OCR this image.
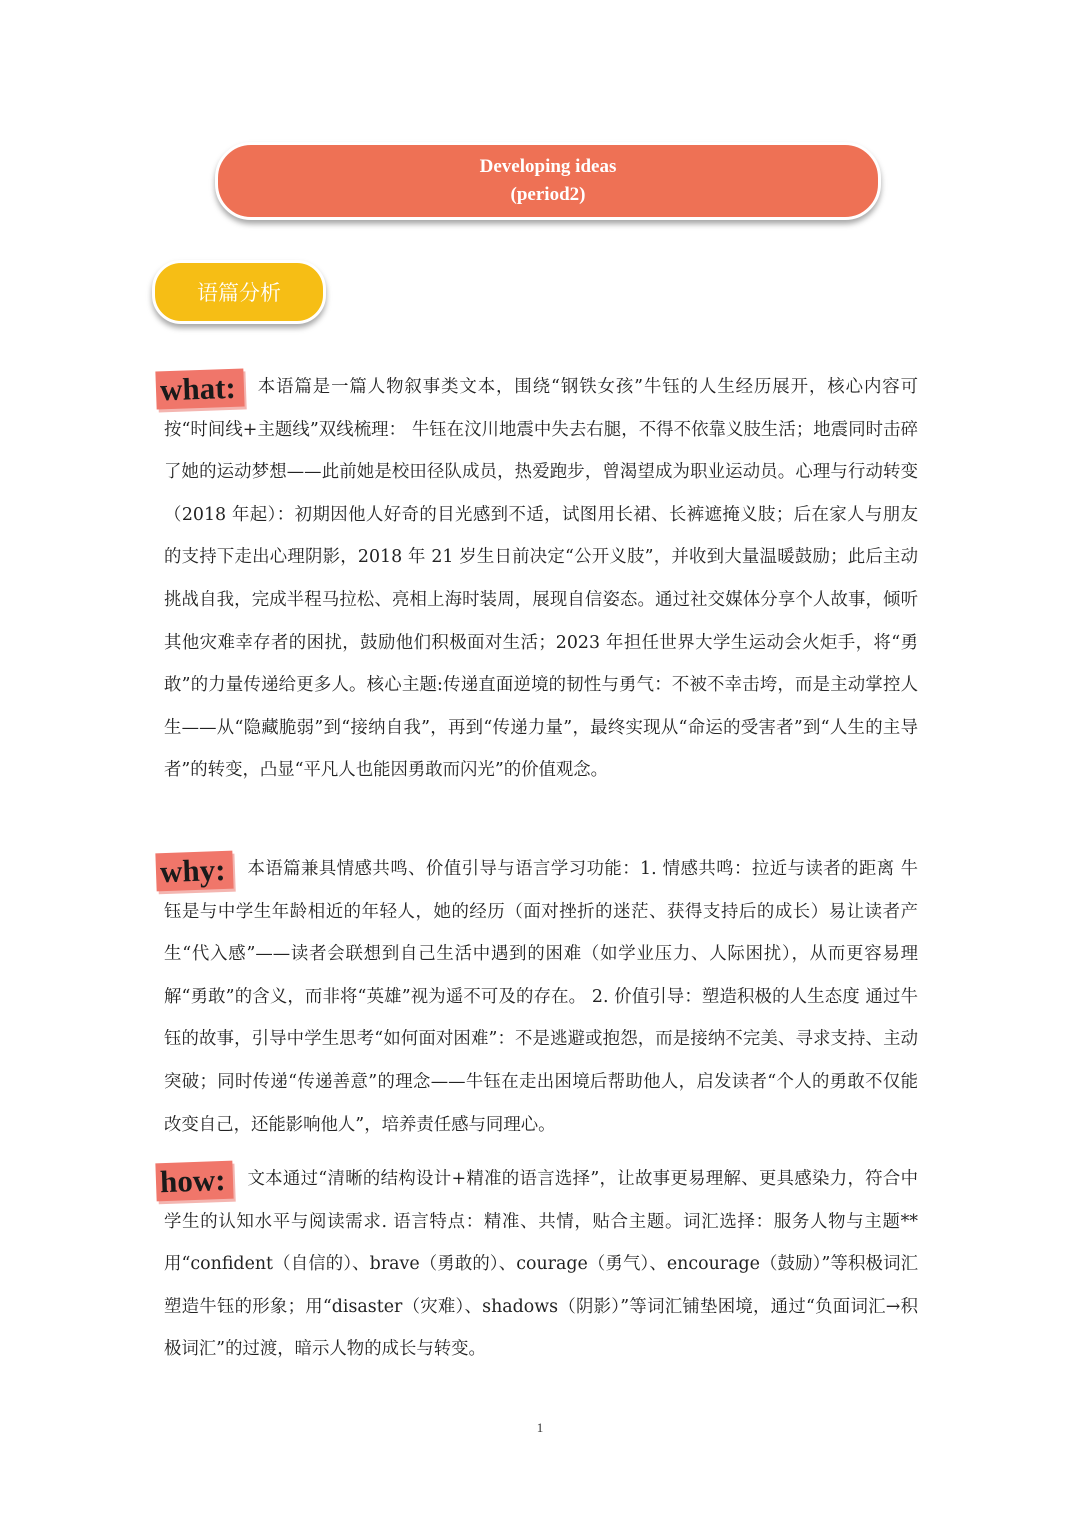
Developing ideas
(period2)
语篇分析

what:	本语篇是一篇人物叙事类文本，围绕“钢铁女孩”牛钰的人生经历展开，核心内容可按“时间线+主题线”双线梳理： 牛钰在汶川地震中失去右腿，不得不依靠义肢生活；地震同时击碎了她的运动梦想——此前她是校田径队成员，热爱跑步，曾渴望成为职业运动员。心理与行动转变（2018 年起）：初期因他人好奇的目光感到不适，试图用长裙、长裤遮掩义肢；后在家人与朋友的支持下走出心理阴影，2018 年 21 岁生日前决定“公开义肢”，并收到大量温暖鼓励；此后主动挑战自我，完成半程马拉松、亮相上海时装周，展现自信姿态。通过社交媒体分享个人故事，倾听其他灾难幸存者的困扰，鼓励他们积极面对生活；2023 年担任世界大学生运动会火炬手，将“勇敢”的力量传递给更多人。核心主题:传递直面逆境的韧性与勇气：不被不幸击垮，而是主动掌控人生——从“隐藏脆弱”到“接纳自我”，再到“传递力量”，最终实现从“命运的受害者”到“人生的主导者”的转变，凸显“平凡人也能因勇敢而闪光”的价值观念。

why:	本语篇兼具情感共鸣、价值引导与语言学习功能：1. 情感共鸣：拉近与读者的距离 牛钰是与中学生年龄相近的年轻人，她的经历（面对挫折的迷茫、获得支持后的成长）易让读者产生“代入感”——读者会联想到自己生活中遇到的困难（如学业压力、人际困扰），从而更容易理解“勇敢”的含义，而非将“英雄”视为遥不可及的存在。 2. 价值引导：塑造积极的人生态度 通过牛钰的故事，引导中学生思考“如何面对困难”：不是逃避或抱怨，而是接纳不完美、寻求支持、主动突破；同时传递“传递善意”的理念——牛钰在走出困境后帮助他人，启发读者“个人的勇敢不仅能改变自己，还能影响他人”，培养责任感与同理心。

how:	文本通过“清晰的结构设计+精准的语言选择”，让故事更易理解、更具感染力，符合中学生的认知水平与阅读需求. 语言特点：精准、共情，贴合主题。词汇选择：服务人物与主题** 用“confident（自信的）、brave（勇敢的）、courage（勇气）、encourage（鼓励）”等积极词汇塑造牛钰的形象；用“disaster（灾难）、shadows（阴影）”等词汇铺垫困境，通过“负面词汇→积极词汇”的过渡，暗示人物的成长与转变。

1
